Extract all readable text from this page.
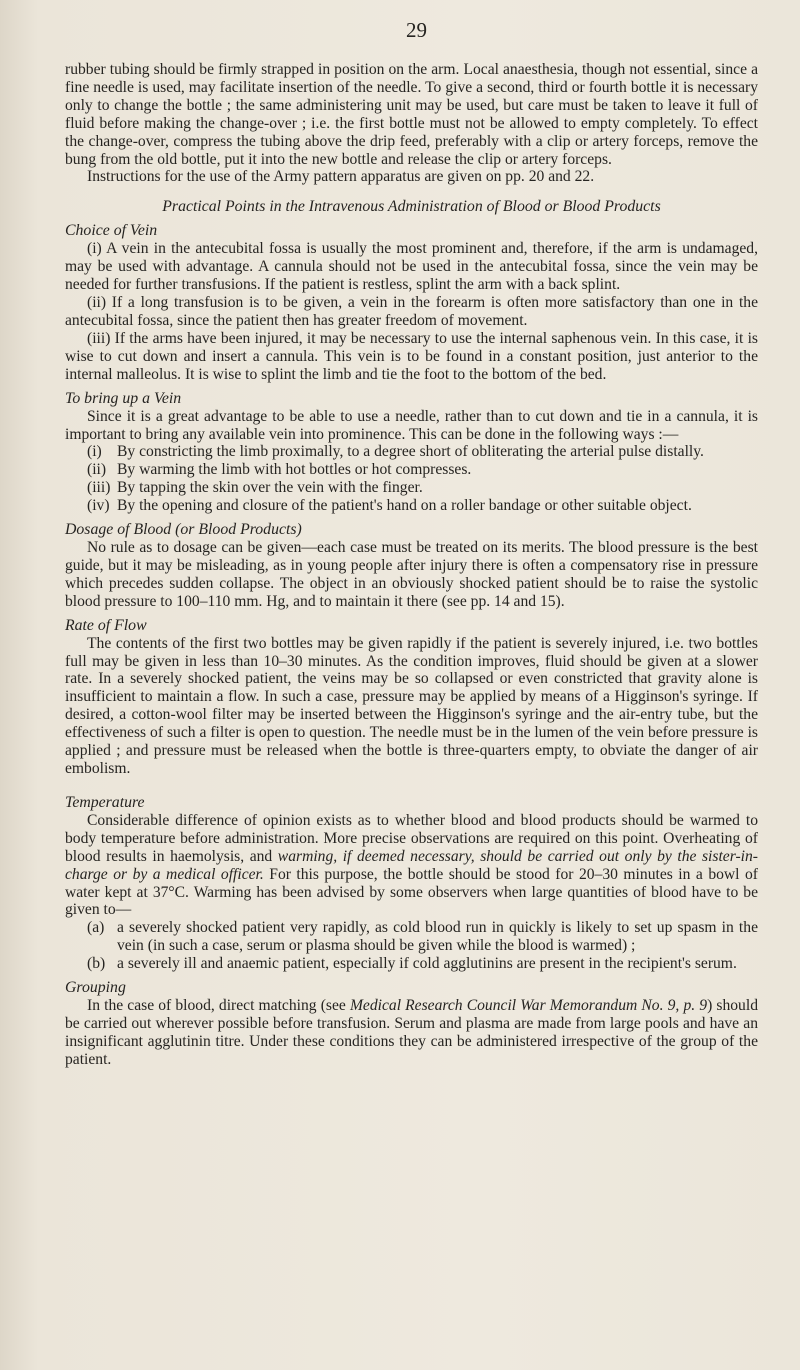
29

rubber tubing should be firmly strapped in position on the arm. Local anaesthesia, though not essential, since a fine needle is used, may facilitate insertion of the needle. To give a second, third or fourth bottle it is necessary only to change the bottle ; the same administering unit may be used, but care must be taken to leave it full of fluid before making the change-over ; i.e. the first bottle must not be allowed to empty completely. To effect the change-over, compress the tubing above the drip feed, preferably with a clip or artery forceps, remove the bung from the old bottle, put it into the new bottle and release the clip or artery forceps.

Instructions for the use of the Army pattern apparatus are given on pp. 20 and 22.

Practical Points in the Intravenous Administration of Blood or Blood Products
Choice of Vein

(i) A vein in the antecubital fossa is usually the most prominent and, therefore, if the arm is undamaged, may be used with advantage. A cannula should not be used in the antecubital fossa, since the vein may be needed for further transfusions. If the patient is restless, splint the arm with a back splint.

(ii) If a long transfusion is to be given, a vein in the forearm is often more satisfactory than one in the antecubital fossa, since the patient then has greater freedom of movement.

(iii) If the arms have been injured, it may be necessary to use the internal saphenous vein. In this case, it is wise to cut down and insert a cannula. This vein is to be found in a constant position, just anterior to the internal malleolus. It is wise to splint the limb and tie the foot to the bottom of the bed.

To bring up a Vein

Since it is a great advantage to be able to use a needle, rather than to cut down and tie in a cannula, it is important to bring any available vein into prominence. This can be done in the following ways :—

(i) By constricting the limb proximally, to a degree short of obliterating the arterial pulse distally.
(ii) By warming the limb with hot bottles or hot compresses.
(iii) By tapping the skin over the vein with the finger.
(iv) By the opening and closure of the patient's hand on a roller bandage or other suitable object.
Dosage of Blood (or Blood Products)

No rule as to dosage can be given—each case must be treated on its merits. The blood pressure is the best guide, but it may be misleading, as in young people after injury there is often a compensatory rise in pressure which precedes sudden collapse. The object in an obviously shocked patient should be to raise the systolic blood pressure to 100–110 mm. Hg, and to maintain it there (see pp. 14 and 15).

Rate of Flow

The contents of the first two bottles may be given rapidly if the patient is severely injured, i.e. two bottles full may be given in less than 10–30 minutes. As the condition improves, fluid should be given at a slower rate. In a severely shocked patient, the veins may be so collapsed or even constricted that gravity alone is insufficient to maintain a flow. In such a case, pressure may be applied by means of a Higginson's syringe. If desired, a cotton-wool filter may be inserted between the Higginson's syringe and the air-entry tube, but the effectiveness of such a filter is open to question. The needle must be in the lumen of the vein before pressure is applied ; and pressure must be released when the bottle is three-quarters empty, to obviate the danger of air embolism.

Temperature

Considerable difference of opinion exists as to whether blood and blood products should be warmed to body temperature before administration. More precise observations are required on this point. Overheating of blood results in haemolysis, and warming, if deemed necessary, should be carried out only by the sister-in-charge or by a medical officer. For this purpose, the bottle should be stood for 20–30 minutes in a bowl of water kept at 37°C. Warming has been advised by some observers when large quantities of blood have to be given to—

(a) a severely shocked patient very rapidly, as cold blood run in quickly is likely to set up spasm in the vein (in such a case, serum or plasma should be given while the blood is warmed) ;
(b) a severely ill and anaemic patient, especially if cold agglutinins are present in the recipient's serum.
Grouping

In the case of blood, direct matching (see Medical Research Council War Memorandum No. 9, p. 9) should be carried out wherever possible before transfusion. Serum and plasma are made from large pools and have an insignificant agglutinin titre. Under these conditions they can be administered irrespective of the group of the patient.
